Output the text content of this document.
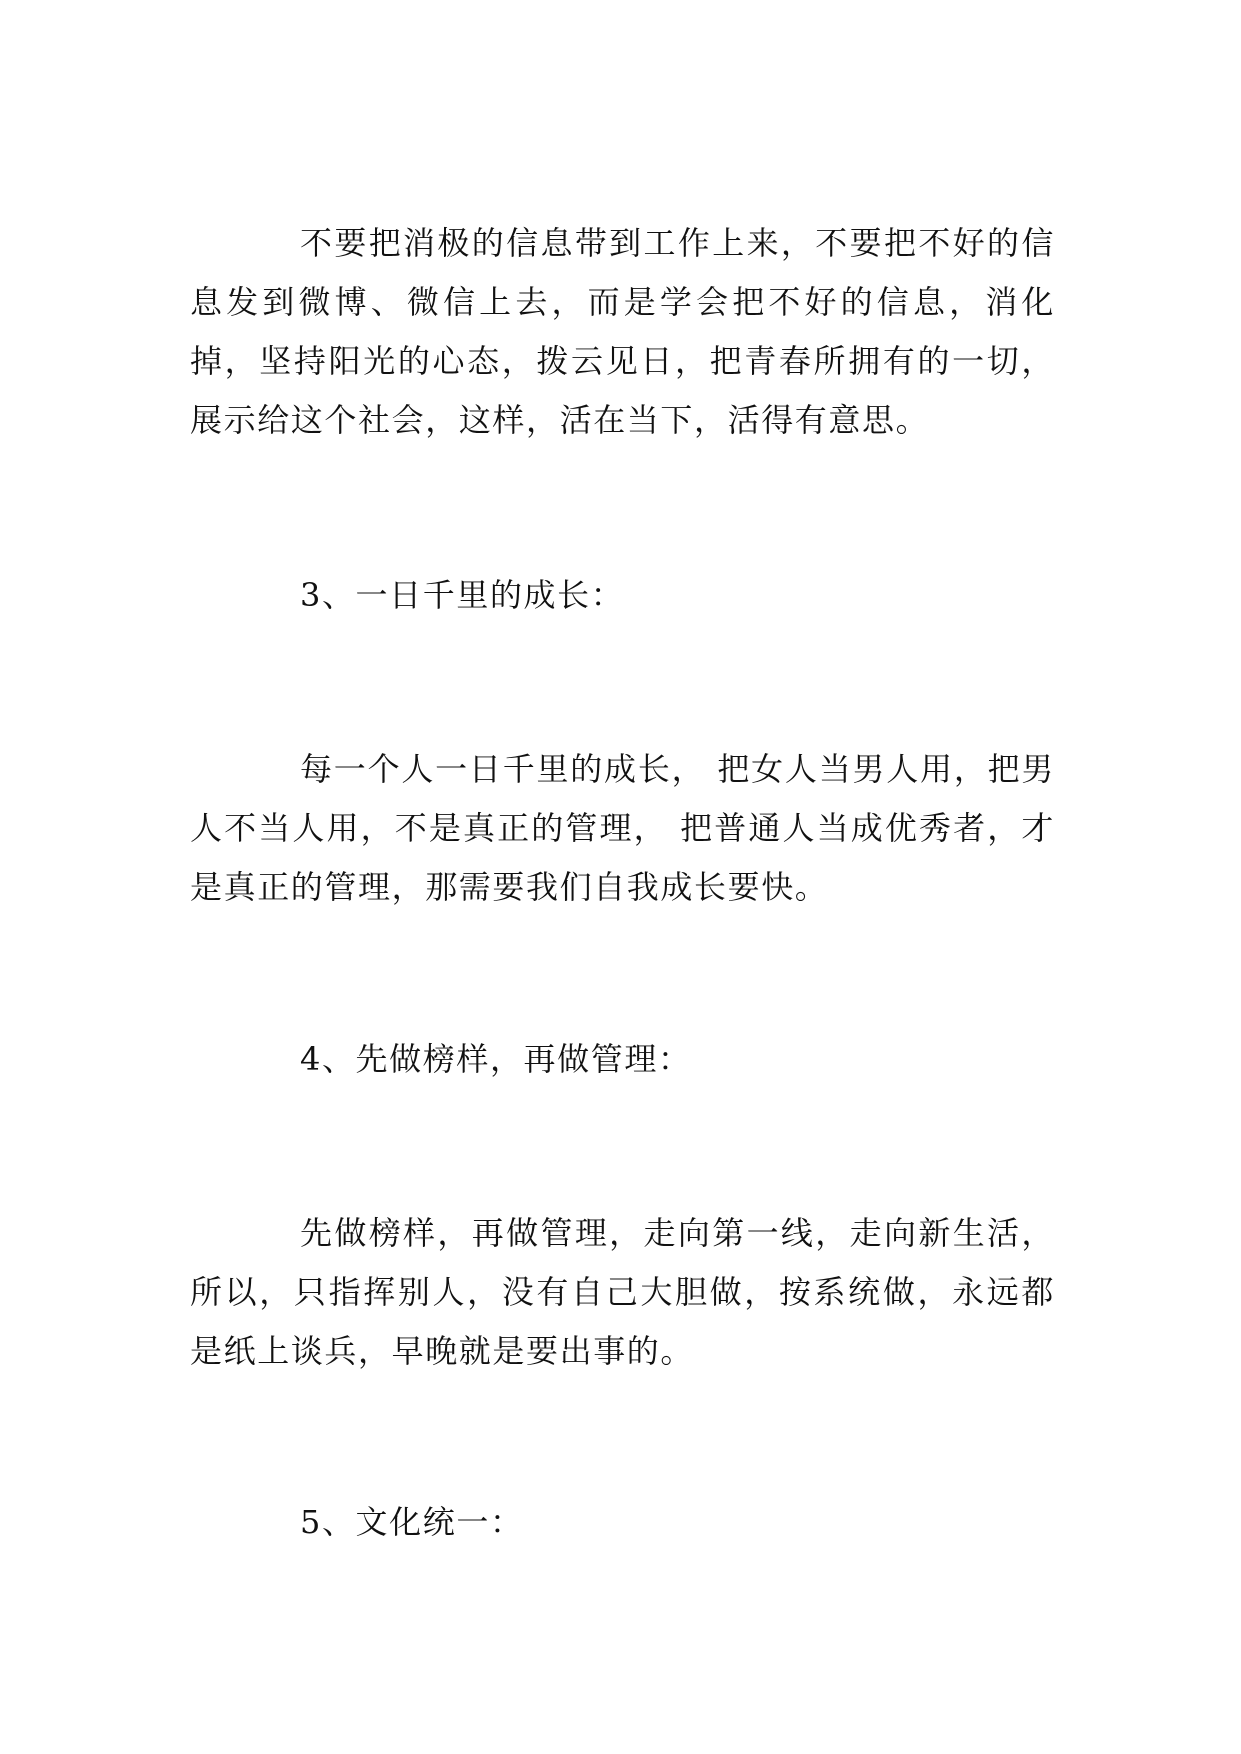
不要把消极的信息带到工作上来，不要把不好的信息发到微博、微信上去，而是学会把不好的信息，消化掉，坚持阳光的心态，拨云见日，把青春所拥有的一切， 展示给这个社会，这样，活在当下，活得有意思。

3、一日千里的成长：

每一个人一日千里的成长， 把女人当男人用，把男人不当人用，不是真正的管理， 把普通人当成优秀者，才是真正的管理，那需要我们自我成长要快。

4、先做榜样，再做管理：

先做榜样，再做管理，走向第一线，走向新生活，所以，只指挥别人，没有自己大胆做，按系统做，永远都是纸上谈兵，早晚就是要出事的。

5、文化统一：
